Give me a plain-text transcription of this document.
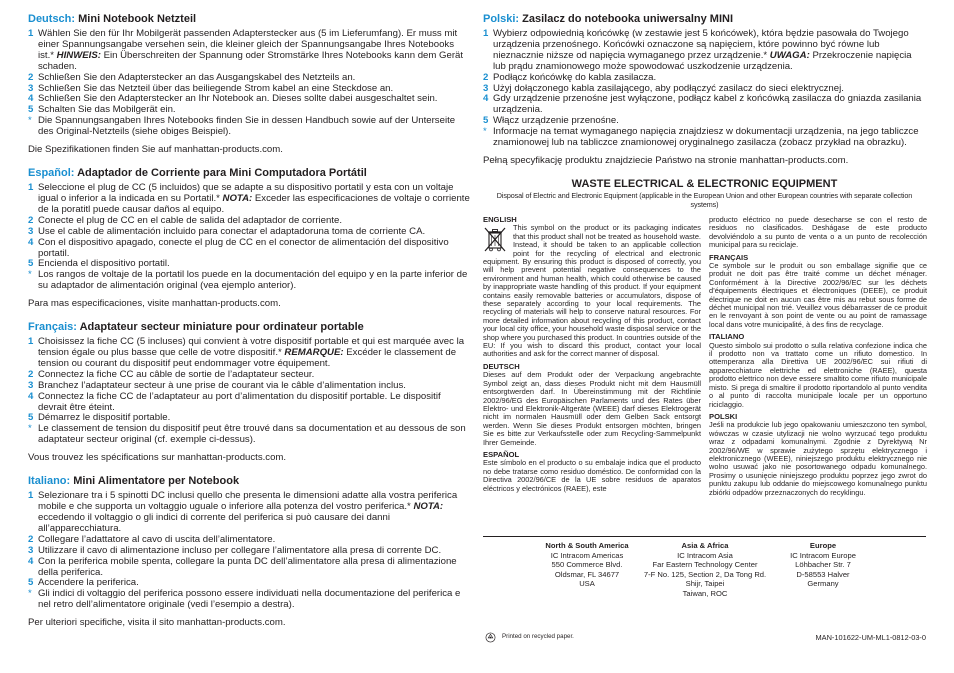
Deutsch: Mini Notebook Netzteil
1 Wählen Sie den für Ihr Mobilgerät passenden Adapterstecker aus (5 im Lieferumfang). Er muss mit einer Spannungsangabe versehen sein, die kleiner gleich der Spannungsangabe Ihres Notebooks ist.* HINWEIS: Ein Überschreiten der Spannung oder Stromstärke Ihres Notebooks kann dem Gerät schaden.
2 Schließen Sie den Adapterstecker an das Ausgangskabel des Netzteils an.
3 Schließen Sie das Netzteil über das beiliegende Strom kabel an eine Steckdose an.
4 Schließen Sie den Adapterstecker an Ihr Notebook an. Dieses sollte dabei ausgeschaltet sein.
5 Schalten Sie das Mobilgerät ein.
* Die Spannungsangaben Ihres Notebooks finden Sie in dessen Handbuch sowie auf der Unterseite des Original-Netzteils (siehe obiges Beispiel).
Die Spezifikationen finden Sie auf manhattan-products.com.
Español: Adaptador de Corriente para Mini Computadora Portátil
1 Seleccione el plug de CC (5 incluidos) que se adapte a su dispositivo portatil y esta con un voltaje igual o inferior a la indicada en su Portatil.* NOTA: Exceder las especificaciones de voltaje o corriente de la poratitl puede causar daños al equipo.
2 Conecte el plug de CC en el cable de salida del adaptador de corriente.
3 Use el cable de alimentación incluido para conectar el adaptadoruna toma de corriente CA.
4 Con el dispositivo apagado, conecte el plug de CC en el conector de alimentación del dispositivo portatil.
5 Encienda el dispositivo portatil.
* Los rangos de voltaje de la portatil los puede en la documentación del equipo y en la parte inferior de su adaptador de alimentación original (vea ejemplo anterior).
Para mas especificaciones, visite manhattan-products.com.
Français: Adaptateur secteur miniature pour ordinateur portable
1 Choisissez la fiche CC (5 incluses) qui convient à votre dispositif portable et qui est marquée avec la tension égale ou plus basse que celle de votre dispositif.* REMARQUE: Excéder le classement de tension ou courant du dispositif peut endommager votre équipement.
2 Connectez la fiche CC au câble de sortie de l’adaptateur secteur.
3 Branchez l’adaptateur secteur à une prise de courant via le câble d’alimentation inclus.
4 Connectez la fiche CC de l’adaptateur au port d’alimentation du dispositif portable. Le dispositif devrait être éteint.
5 Démarrez le dispositif portable.
* Le classement de tension du dispositif peut être trouvé dans sa documentation et au dessous de son adaptateur secteur original (cf. exemple ci-dessus).
Vous trouvez les spécifications sur manhattan-products.com.
Italiano: Mini Alimentatore per Notebook
1 Selezionare tra i 5 spinotti DC inclusi quello che presenta le dimensioni adatte alla vostra periferica mobile e che supporta un voltaggio uguale o inferiore alla potenza del vostro periferica.* NOTA: eccedendo il voltaggio o gli indici di corrente del periferica si può causare dei danni all’apparecchiatura.
2 Collegare l’adattatore al cavo di uscita dell’alimentatore.
3 Utilizzare il cavo di alimentazione incluso per collegare l’alimentatore alla presa di corrente DC.
4 Con la periferica mobile spenta, collegare la punta DC dell’alimentatore alla presa di alimentazione della periferica.
5 Accendere la periferica.
* Gli indici di voltaggio del periferica possono essere individuati nella documentazione del periferica e nel retro dell’alimentatore originale (vedi l’esempio a destra).
Per ulteriori specifiche, visita il sito manhattan-products.com.
Polski: Zasilacz do notebooka uniwersalny MINI
1 Wybierz odpowiednią końcówkę (w zestawie jest 5 końcówek), która będzie pasowała do Twojego urządzenia przenośnego. Końcówki oznaczone są napięciem, które powinno być równe lub nieznacznie niższe od napięcia wymaganego przez urządzenie.* UWAGA: Przekroczenie napięcia lub prądu znamionowego może spowodować uszkodzenie urządzenia.
2 Podłącz końcówkę do kabla zasilacza.
3 Użyj dołączonego kabla zasilającego, aby podłączyć zasilacz do sieci elektrycznej.
4 Gdy urządzenie przenośne jest wyłączone, podłącz kabel z końcówką zasilacza do gniazda zasilania urządzenia.
5 Włącz urządzenie przenośne.
* Informacje na temat wymaganego napięcia znajdziesz w dokumentacji urządzenia, na jego tabliczce znamionowej lub na tabliczce znamionowej oryginalnego zasilacza (zobacz przykład na obrazku).
Pełną specyfikację produktu znajdziecie Państwo na stronie manhattan-products.com.
WASTE ELECTRICAL & ELECTRONIC EQUIPMENT
Disposal of Electric and Electronic Equipment (applicable in the European Union and other European countries with separate collection systems)
ENGLISH
This symbol on the product or its packaging indicates that this product shall not be treated as household waste. Instead, it should be taken to an applicable collection point for the recycling of electrical and electronic equipment. By ensuring this product is disposed of correctly, you will help prevent potential negative consequences to the environment and human health, which could otherwise be caused by inappropriate waste handling of this product. If your equipment contains easily removable batteries or accumulators, dispose of these separately according to your local requirements. The recycling of materials will help to conserve natural resources. For more detailed information about recycling of this product, contact your local city office, your household waste disposal service or the shop where you purchased this product. In countries outside of the EU: If you wish to discard this product, contact your local authorities and ask for the correct manner of disposal.
DEUTSCH
Dieses auf dem Produkt oder der Verpackung angebrachte Symbol zeigt an, dass dieses Produkt nicht mit dem Hausmüll entsorgtwerden darf. In Übereinstimmung mit der Richtlinie 2002/96/EG des Europäischen Parlaments und des Rates über Elektro- und Elektronik-Altgeräte (WEEE) darf dieses Elektrogerät nicht im normalen Hausmüll oder dem Gelben Sack entsorgt werden. Wenn Sie dieses Produkt entsorgen möchten, bringen Sie es bitte zur Verkaufsstelle oder zum Recycling-Sammelpunkt Ihrer Gemeinde.
ESPAÑOL
Este símbolo en el producto o su embalaje indica que el producto no debe tratarse como residuo doméstico. De conformidad con la Directiva 2002/96/CE de la UE sobre residuos de aparatos eléctricos y electrónicos (RAEE), este
producto eléctrico no puede desecharse se con el resto de residuos no clasificados. Deshágase de este producto devolviéndolo a su punto de venta o a un punto de recolección municipal para su reciclaje.
FRANÇAIS
Ce symbole sur le produit ou son emballage signifie que ce produit ne doit pas être traité comme un déchet ménager. Conformément à la Directive 2002/96/EC sur les déchets d’équipements électriques et électroniques (DEEE), ce produit électrique ne doit en aucun cas être mis au rebut sous forme de déchet municipal non trié. Veuillez vous débarrasser de ce produit en le renvoyant à son point de vente ou au point de ramassage local dans votre municipalité, à des fins de recyclage.
ITALIANO
Questo simbolo sui prodotto o sulla relativa confezione indica che il prodotto non va trattato come un rifiuto domestico. In ottemperanza alla Direttiva UE 2002/96/EC sui rifiuti di apparecchiature elettriche ed elettroniche (RAEE), questa prodotto elettrico non deve essere smaltito come rifiuto municipale misto. Si prega di smaltire il prodotto riportandolo al punto vendita o al punto di raccolta municipale locale per un opportuno riciclaggio.
POLSKI
Jeśli na produkcie lub jego opakowaniu umieszczono ten symbol, wówczas w czasie utylizacji nie wolno wyrzucać tego produktu wraz z odpadami komunalnymi. Zgodnie z Dyrektywą Nr 2002/96/WE w sprawie zużytego sprzętu elektrycznego i elektronicznego (WEEE), niniejszego produktu elektrycznego nie wolno usuwać jako nie posortowanego odpadu komunalnego. Prosimy o usunięcie niniejszego produktu poprzez jego zwrot do punktu zakupu lub oddanie do miejscowego komunalnego punktu zbiórki odpadów przeznaczonych do recyklingu.
North & South America
IC Intracom Americas
550 Commerce Blvd.
Oldsmar, FL 34677
USA
Asia & Africa
IC Intracom Asia
Far Eastern Technology Center
7-F No. 125, Section 2, Da Tong Rd.
Shijr, Taipei
Taiwan, ROC
Europe
IC Intracom Europe
Löhbacher Str. 7
D-58553 Halver
Germany
Printed on recycled paper.	MAN-101622-UM-ML1-0812-03-0
